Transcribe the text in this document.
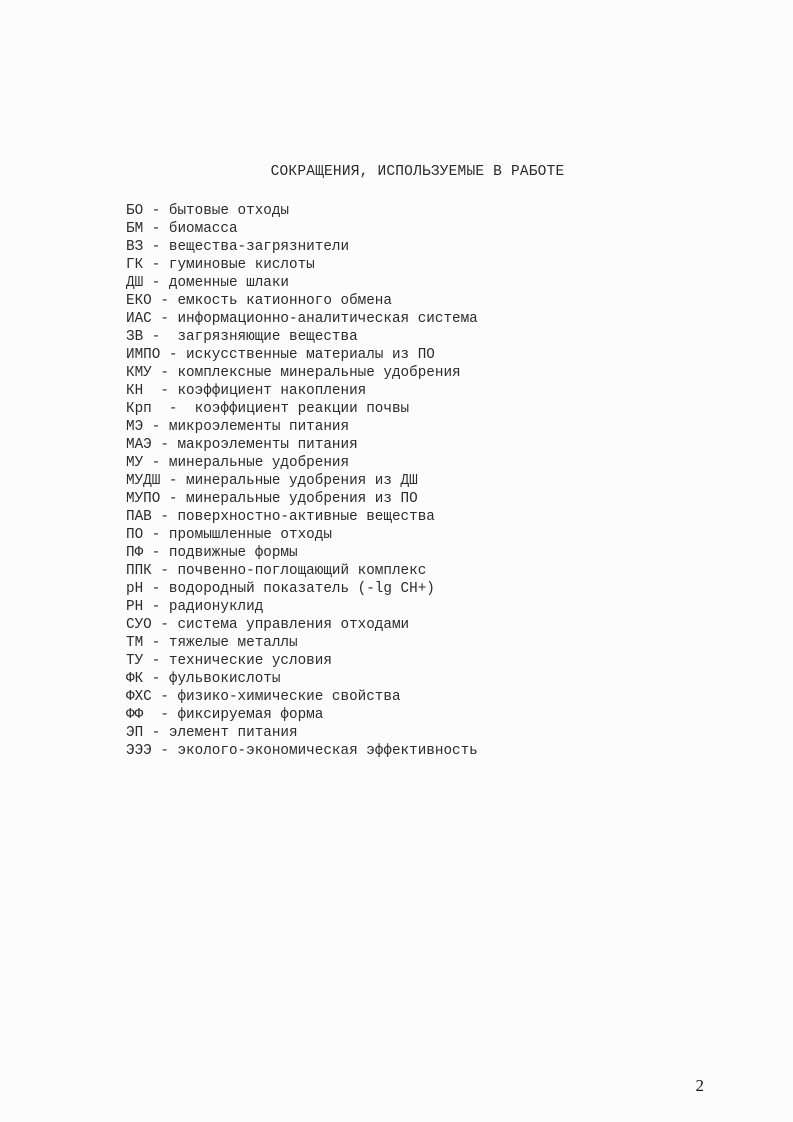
СОКРАЩЕНИЯ, ИСПОЛЬЗУЕМЫЕ В РАБОТЕ
БО - бытовые отходы
БМ - биомасса
ВЗ - вещества-загрязнители
ГК - гуминовые кислоты
ДШ - доменные шлаки
ЕКО - емкость катионного обмена
ИАС - информационно-аналитическая система
ЗВ -  загрязняющие вещества
ИМПО - искусственные материалы из ПО
КМУ - комплексные минеральные удобрения
КН  - коэффициент накопления
Крп  -  коэффициент реакции почвы
МЭ - микроэлементы питания
МАЭ - макроэлементы питания
МУ - минеральные удобрения
МУДШ - минеральные удобрения из ДШ
МУПО - минеральные удобрения из ПО
ПАВ - поверхностно-активные вещества
ПО - промышленные отходы
ПФ - подвижные формы
ППК - почвенно-поглощающий комплекс
рН - водородный показатель (-lg CH+)
РН - радионуклид
СУО - система управления отходами
ТМ - тяжелые металлы
ТУ - технические условия
ФК - фульвокислоты
ФХС - физико-химические свойства
ФФ  - фиксируемая форма
ЭП - элемент питания
ЭЭЭ - эколого-экономическая эффективность
2
